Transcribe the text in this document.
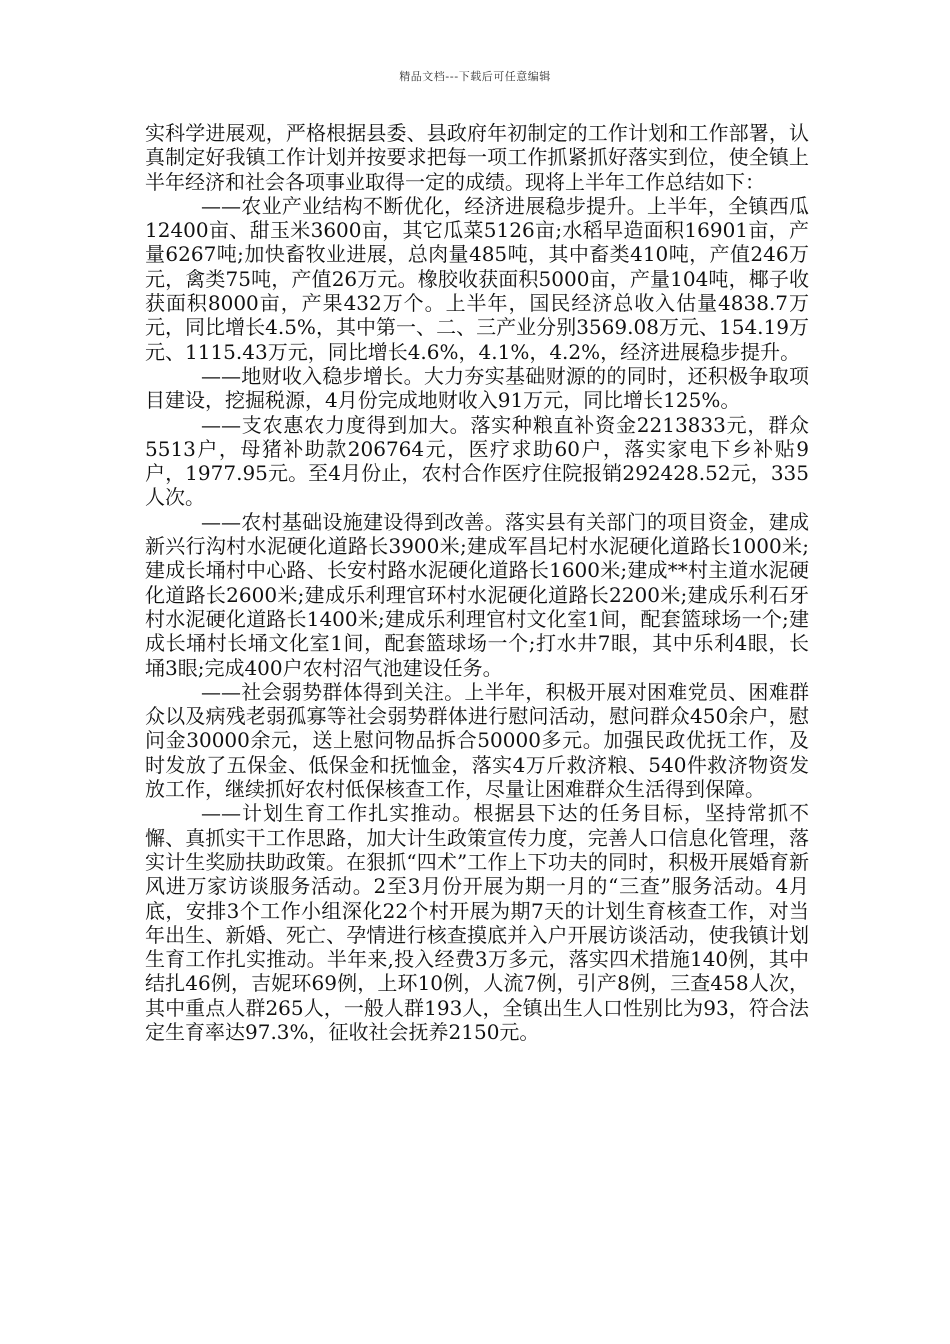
精品文档---下载后可任意编辑

实科学进展观，严格根据县委、县政府年初制定的工作计划和工作部署，认真制定好我镇工作计划并按要求把每一项工作抓紧抓好落实到位，使全镇上半年经济和社会各项事业取得一定的成绩。现将上半年工作总结如下：

——农业产业结构不断优化，经济进展稳步提升。上半年，全镇西瓜12400亩、甜玉米3600亩，其它瓜菜5126亩;水稻早造面积16901亩，产量6267吨;加快畜牧业进展，总肉量485吨，其中畜类410吨，产值246万元，禽类75吨，产值26万元。橡胶收获面积5000亩，产量104吨，椰子收获面积8000亩，产果432万个。上半年，国民经济总收入估量4838.7万元，同比增长4.5%，其中第一、二、三产业分别3569.08万元、154.19万元、1115.43万元，同比增长4.6%，4.1%，4.2%，经济进展稳步提升。

——地财收入稳步增长。大力夯实基础财源的的同时，还积极争取项目建设，挖掘税源，4月份完成地财收入91万元，同比增长125%。

——支农惠农力度得到加大。落实种粮直补资金2213833元，群众5513户，母猪补助款206764元，医疗求助60户，落实家电下乡补贴9户，1977.95元。至4月份止，农村合作医疗住院报销292428.52元，335人次。

——农村基础设施建设得到改善。落实县有关部门的项目资金，建成新兴行沟村水泥硬化道路长3900米;建成军昌圮村水泥硬化道路长1000米;建成长埇村中心路、长安村路水泥硬化道路长1600米;建成**村主道水泥硬化道路长2600米;建成乐利理官环村水泥硬化道路长2200米;建成乐利石牙村水泥硬化道路长1400米;建成乐利理官村文化室1间，配套篮球场一个;建成长埇村长埇文化室1间，配套篮球场一个;打水井7眼，其中乐利4眼，长埇3眼;完成400户农村沼气池建设任务。

——社会弱势群体得到关注。上半年，积极开展对困难党员、困难群众以及病残老弱孤寡等社会弱势群体进行慰问活动，慰问群众450余户，慰问金30000余元，送上慰问物品拆合50000多元。加强民政优抚工作，及时发放了五保金、低保金和抚恤金，落实4万斤救济粮、540件救济物资发放工作，继续抓好农村低保核查工作，尽量让困难群众生活得到保障。

——计划生育工作扎实推动。根据县下达的任务目标，坚持常抓不懈、真抓实干工作思路，加大计生政策宣传力度，完善人口信息化管理，落实计生奖励扶助政策。在狠抓“四术”工作上下功夫的同时，积极开展婚育新风进万家访谈服务活动。2至3月份开展为期一月的“三查”服务活动。4月底，安排3个工作小组深化22个村开展为期7天的计划生育核查工作，对当年出生、新婚、死亡、孕情进行核查摸底并入户开展访谈活动，使我镇计划生育工作扎实推动。半年来,投入经费3万多元，落实四术措施140例，其中结扎46例，吉妮环69例，上环10例，人流7例，引产8例，三查458人次，其中重点人群265人，一般人群193人，全镇出生人口性别比为93，符合法定生育率达97.3%，征收社会抚养2150元。
